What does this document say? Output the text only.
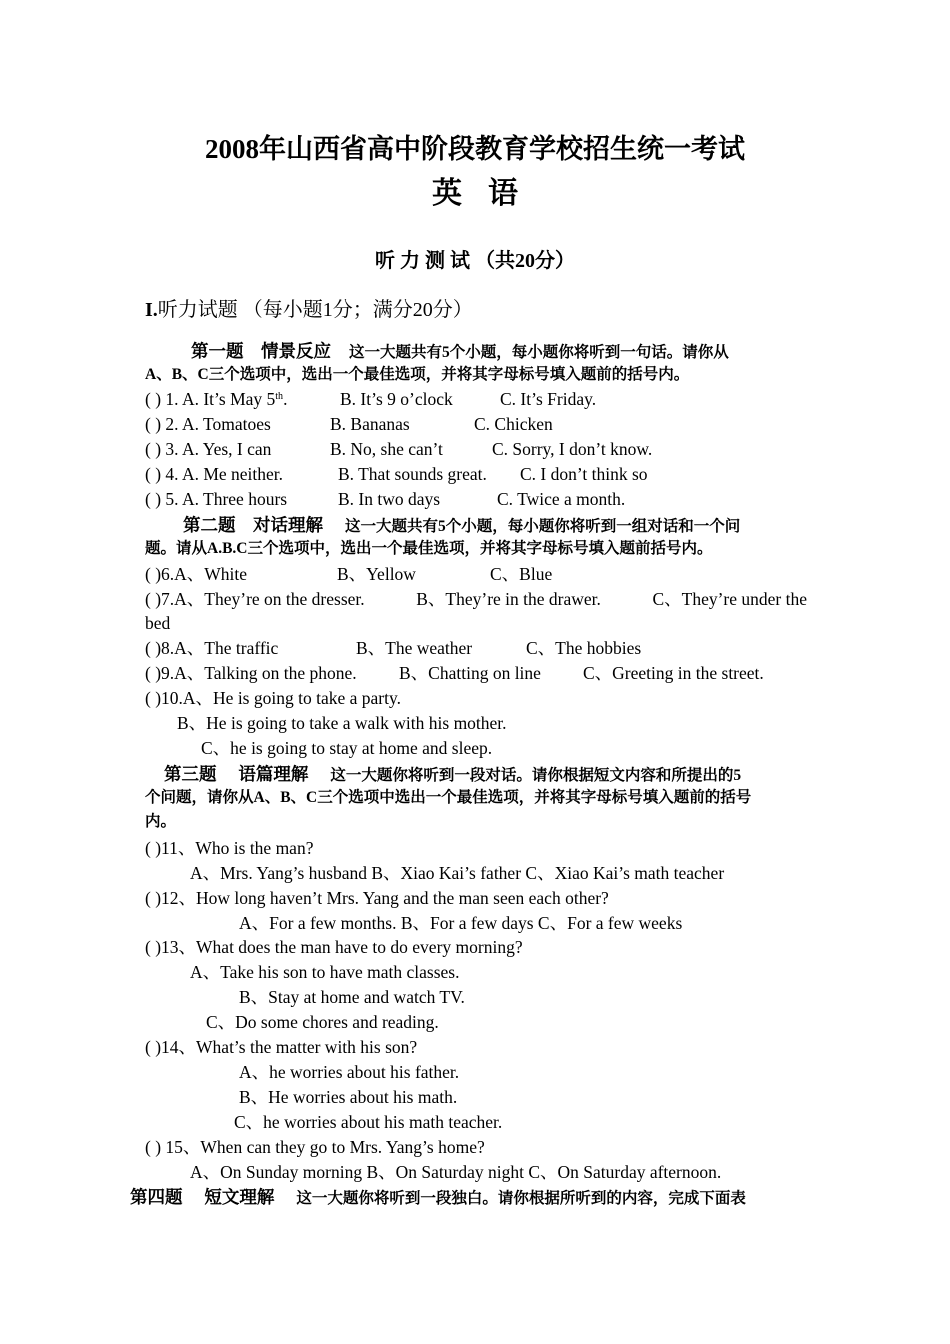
2008年山西省高中阶段教育学校招生统一考试
英语
听 力 测 试 （共20分）
I.听力试题 （每小题1分；满分20分）
第一题　情景反应 这一大题共有5个小题，每小题你将听到一句话。请你从
A、B、C三个选项中，选出一个最佳选项，并将其字母标号填入题前的括号内。
( ) 1. A. It’s May 5th.	B. It’s 9 o’clock	C. It’s Friday.
( ) 2. A. Tomatoes	B. Bananas	C. Chicken
( ) 3. A. Yes, I can	B. No, she can’t	C. Sorry, I don’t know.
( ) 4. A. Me neither.	B. That sounds great. C. I don’t think so
( ) 5. A. Three hours	B. In two days	C. Twice a month.
第二题　对话理解 这一大题共有5个小题，每小题你将听到一组对话和一个问
题。请从A.B.C三个选项中，选出一个最佳选项，并将其字母标号填入题前括号内。
( )6.A、White	B、Yellow	C、Blue
( )7.A、They’re on the dresser.	B、They’re in the drawer.	C、They’re under the
bed
( )8.A、The traffic	B、The weather	C、The hobbies
( )9.A、Talking on the phone. B、Chatting on line C、Greeting in the street.
( )10.A、He is going to take a party.
B、He is going to take a walk with his mother.
C、he is going to stay at home and sleep.
第三题　 语篇理解 这一大题你将听到一段对话。请你根据短文内容和所提出的5
个问题，请你从A、B、C三个选项中选出一个最佳选项，并将其字母标号填入题前的括号
内。
( )11、Who is the man?
A、Mrs. Yang’s husband B、Xiao Kai’s father C、Xiao Kai’s math teacher
( )12、How long haven’t Mrs. Yang and the man seen each other?
A、For a few months. B、For a few days C、For a few weeks
( )13、What does the man have to do every morning?
A、Take his son to have math classes.
B、Stay at home and watch TV.
C、Do some chores and reading.
( )14、What’s the matter with his son?
A、he worries about his father.
B、He worries about his math.
C、he worries about his math teacher.
( ) 15、When can they go to Mrs. Yang’s home?
A、On Sunday morning B、On Saturday night C、On Saturday afternoon.
第四题　 短文理解 这一大题你将听到一段独白。请你根据所听到的内容，完成下面表
